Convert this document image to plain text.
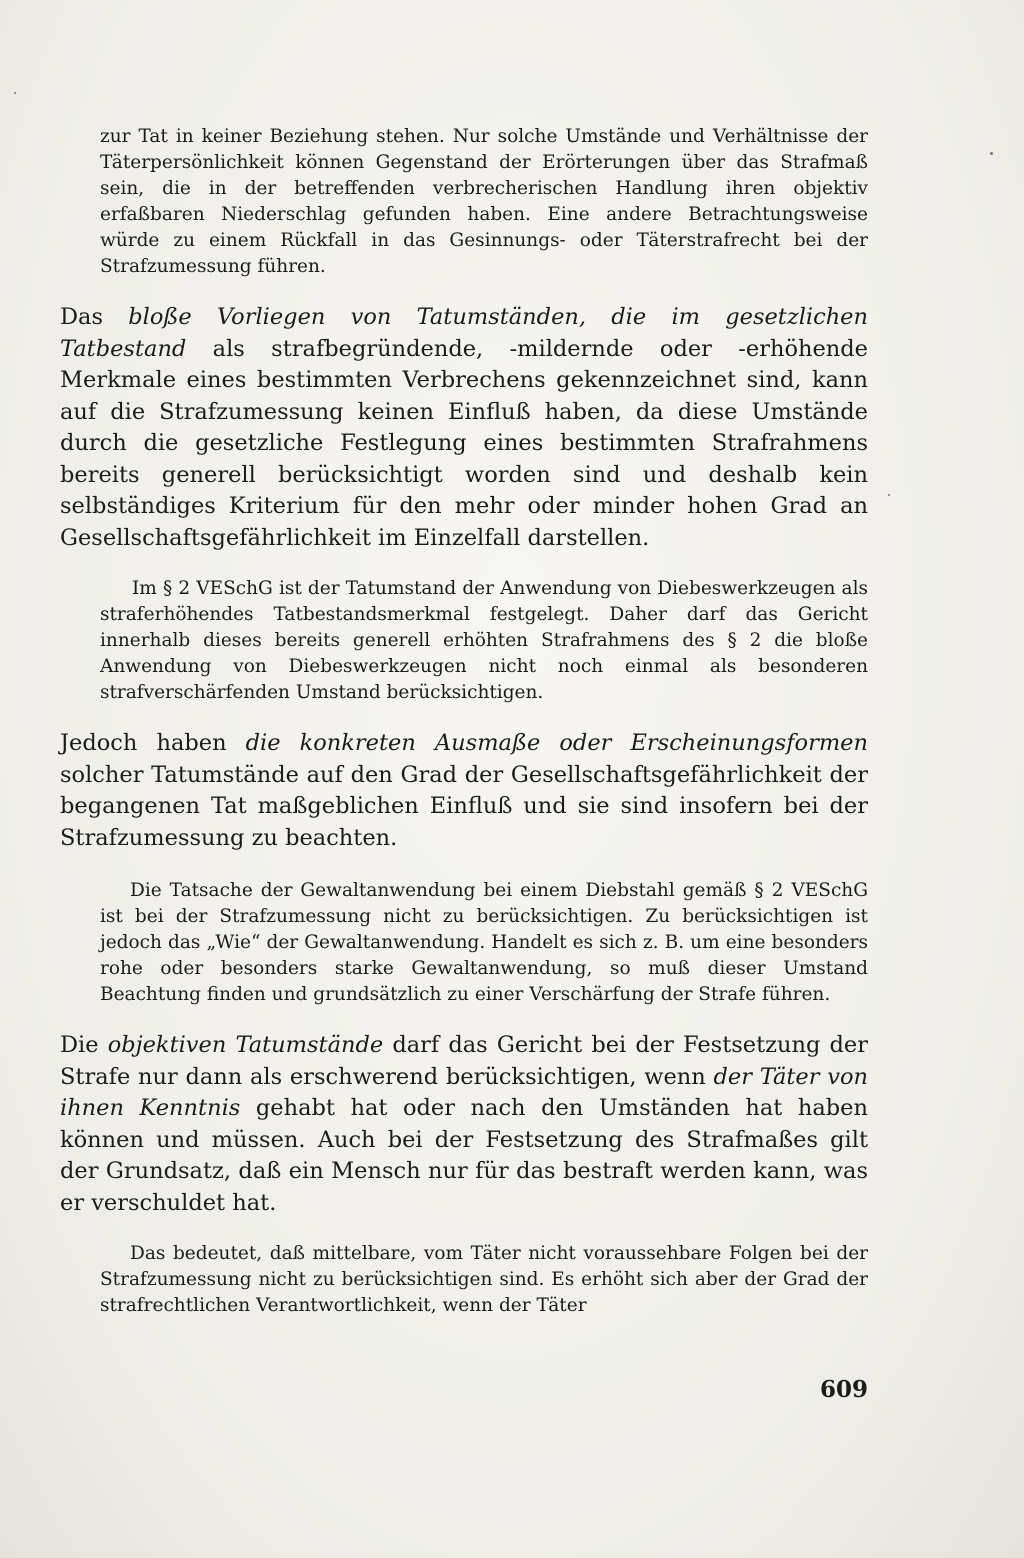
zur Tat in keiner Beziehung stehen. Nur solche Umstände und Verhältnisse der Täterpersönlichkeit können Gegenstand der Erörterungen über das Strafmaß sein, die in der betreffenden verbrecherischen Handlung ihren objektiv erfaßbaren Niederschlag gefunden haben. Eine andere Betrachtungsweise würde zu einem Rückfall in das Gesinnungs- oder Täterstrafrecht bei der Strafzumessung führen.

Das bloße Vorliegen von Tatumständen, die im gesetzlichen Tatbestand als strafbegründende, -mildernde oder -erhöhende Merkmale eines bestimmten Verbrechens gekennzeichnet sind, kann auf die Strafzumessung keinen Einfluß haben, da diese Umstände durch die gesetzliche Festlegung eines bestimmten Strafrahmens bereits generell berücksichtigt worden sind und deshalb kein selbständiges Kriterium für den mehr oder minder hohen Grad an Gesellschaftsgefährlichkeit im Einzelfall darstellen.

Im § 2 VESchG ist der Tatumstand der Anwendung von Diebeswerkzeugen als straferhöhendes Tatbestandsmerkmal festgelegt. Daher darf das Gericht innerhalb dieses bereits generell erhöhten Strafrahmens des § 2 die bloße Anwendung von Diebeswerkzeugen nicht noch einmal als besonderen strafverschärfenden Umstand berücksichtigen.

Jedoch haben die konkreten Ausmaße oder Erscheinungsformen solcher Tatumstände auf den Grad der Gesellschaftsgefährlichkeit der begangenen Tat maßgeblichen Einfluß und sie sind insofern bei der Strafzumessung zu beachten.

Die Tatsache der Gewaltanwendung bei einem Diebstahl gemäß § 2 VESchG ist bei der Strafzumessung nicht zu berücksichtigen. Zu berücksichtigen ist jedoch das „Wie“ der Gewaltanwendung. Handelt es sich z. B. um eine besonders rohe oder besonders starke Gewaltanwendung, so muß dieser Umstand Beachtung finden und grundsätzlich zu einer Verschärfung der Strafe führen.

Die objektiven Tatumstände darf das Gericht bei der Festsetzung der Strafe nur dann als erschwerend berücksichtigen, wenn der Täter von ihnen Kenntnis gehabt hat oder nach den Umständen hat haben können und müssen. Auch bei der Festsetzung des Strafmaßes gilt der Grundsatz, daß ein Mensch nur für das bestraft werden kann, was er verschuldet hat.

Das bedeutet, daß mittelbare, vom Täter nicht voraussehbare Folgen bei der Strafzumessung nicht zu berücksichtigen sind. Es erhöht sich aber der Grad der strafrechtlichen Verantwortlichkeit, wenn der Täter

609
